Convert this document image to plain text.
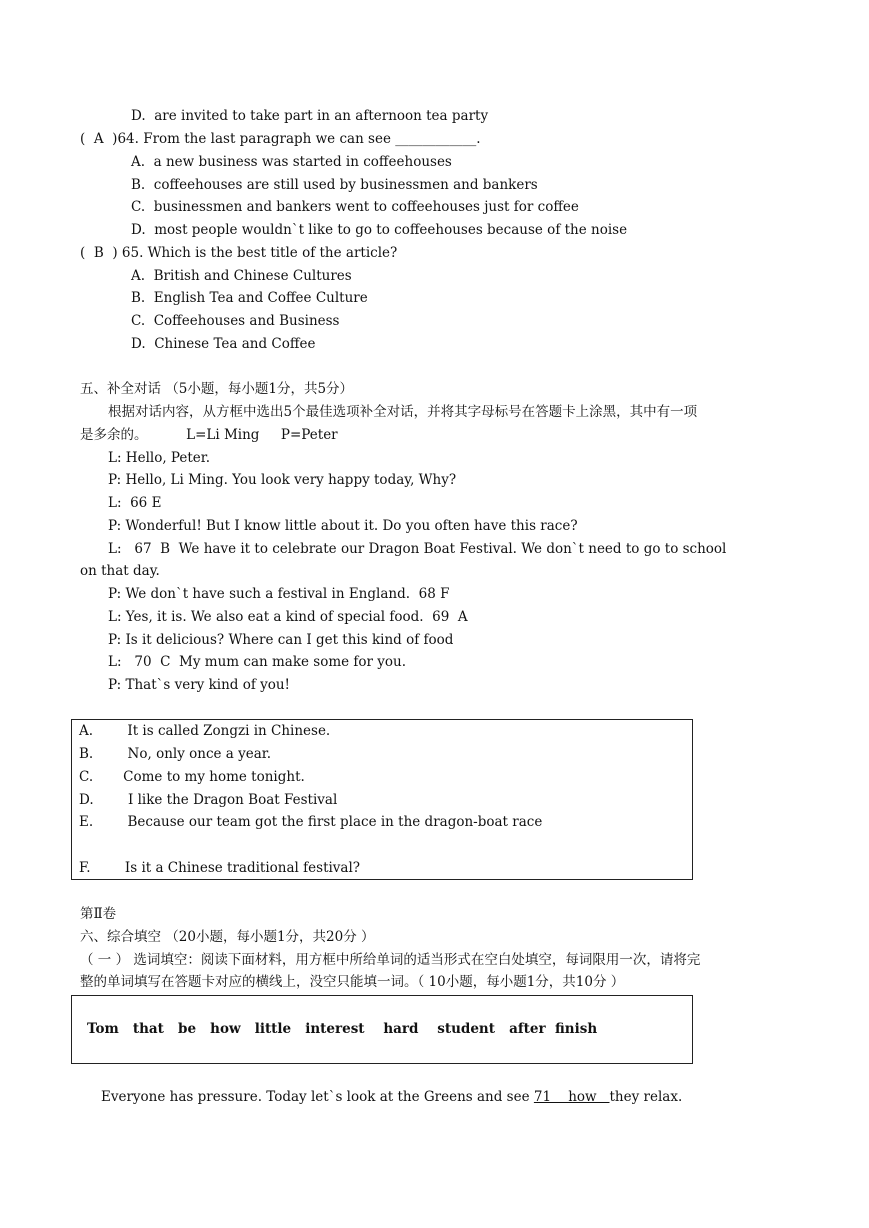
D.  are invited to take part in an afternoon tea party
(  A  )64. From the last paragraph we can see ____________.
A.  a new business was started in coffeehouses
B.  coffeehouses are still used by businessmen and bankers
C.  businessmen and bankers went to coffeehouses just for coffee
D.  most people wouldn`t like to go to coffeehouses because of the noise
(  B  ) 65. Which is the best title of the article?
A.  British and Chinese Cultures
B.  English Tea and Coffee Culture
C.  Coffeehouses and Business
D.  Chinese Tea and Coffee
五、补全对话 （5小题，每小题1分，共5分）
根据对话内容，从方框中选出5个最佳选项补全对话，并将其字母标号在答题卡上涂黑，其中有一项
是多余的。         L=Li Ming     P=Peter
L: Hello, Peter.
P: Hello, Li Ming. You look very happy today, Why?
L:  66 E
P: Wonderful! But I know little about it. Do you often have this race?
L:   67  B  We have it to celebrate our Dragon Boat Festival. We don`t need to go to school
on that day.
P: We don`t have such a festival in England.  68 F
L: Yes, it is. We also eat a kind of special food.  69  A
P: Is it delicious? Where can I get this kind of food
L:   70  C  My mum can make some for you.
P: That`s very kind of you!
A.        It is called Zongzi in Chinese.
B.        No, only once a year.
C.       Come to my home tonight.
D.        I like the Dragon Boat Festival
E.        Because our team got the first place in the dragon-boat race
F.        Is it a Chinese traditional festival?
第Ⅱ卷
六、综合填空 （20小题，每小题1分，共20分 ）
（ 一 ） 选词填空：阅读下面材料，用方框中所给单词的适当形式在空白处填空，每词限用一次，请将完
整的单词填写在答题卡对应的横线上，没空只能填一词。（ 10小题，每小题1分，共10分 ）
Tom   that   be   how   little   interest    hard    student   after  finish
Everyone has pressure. Today let`s look at the Greens and see 71    how   they relax.
